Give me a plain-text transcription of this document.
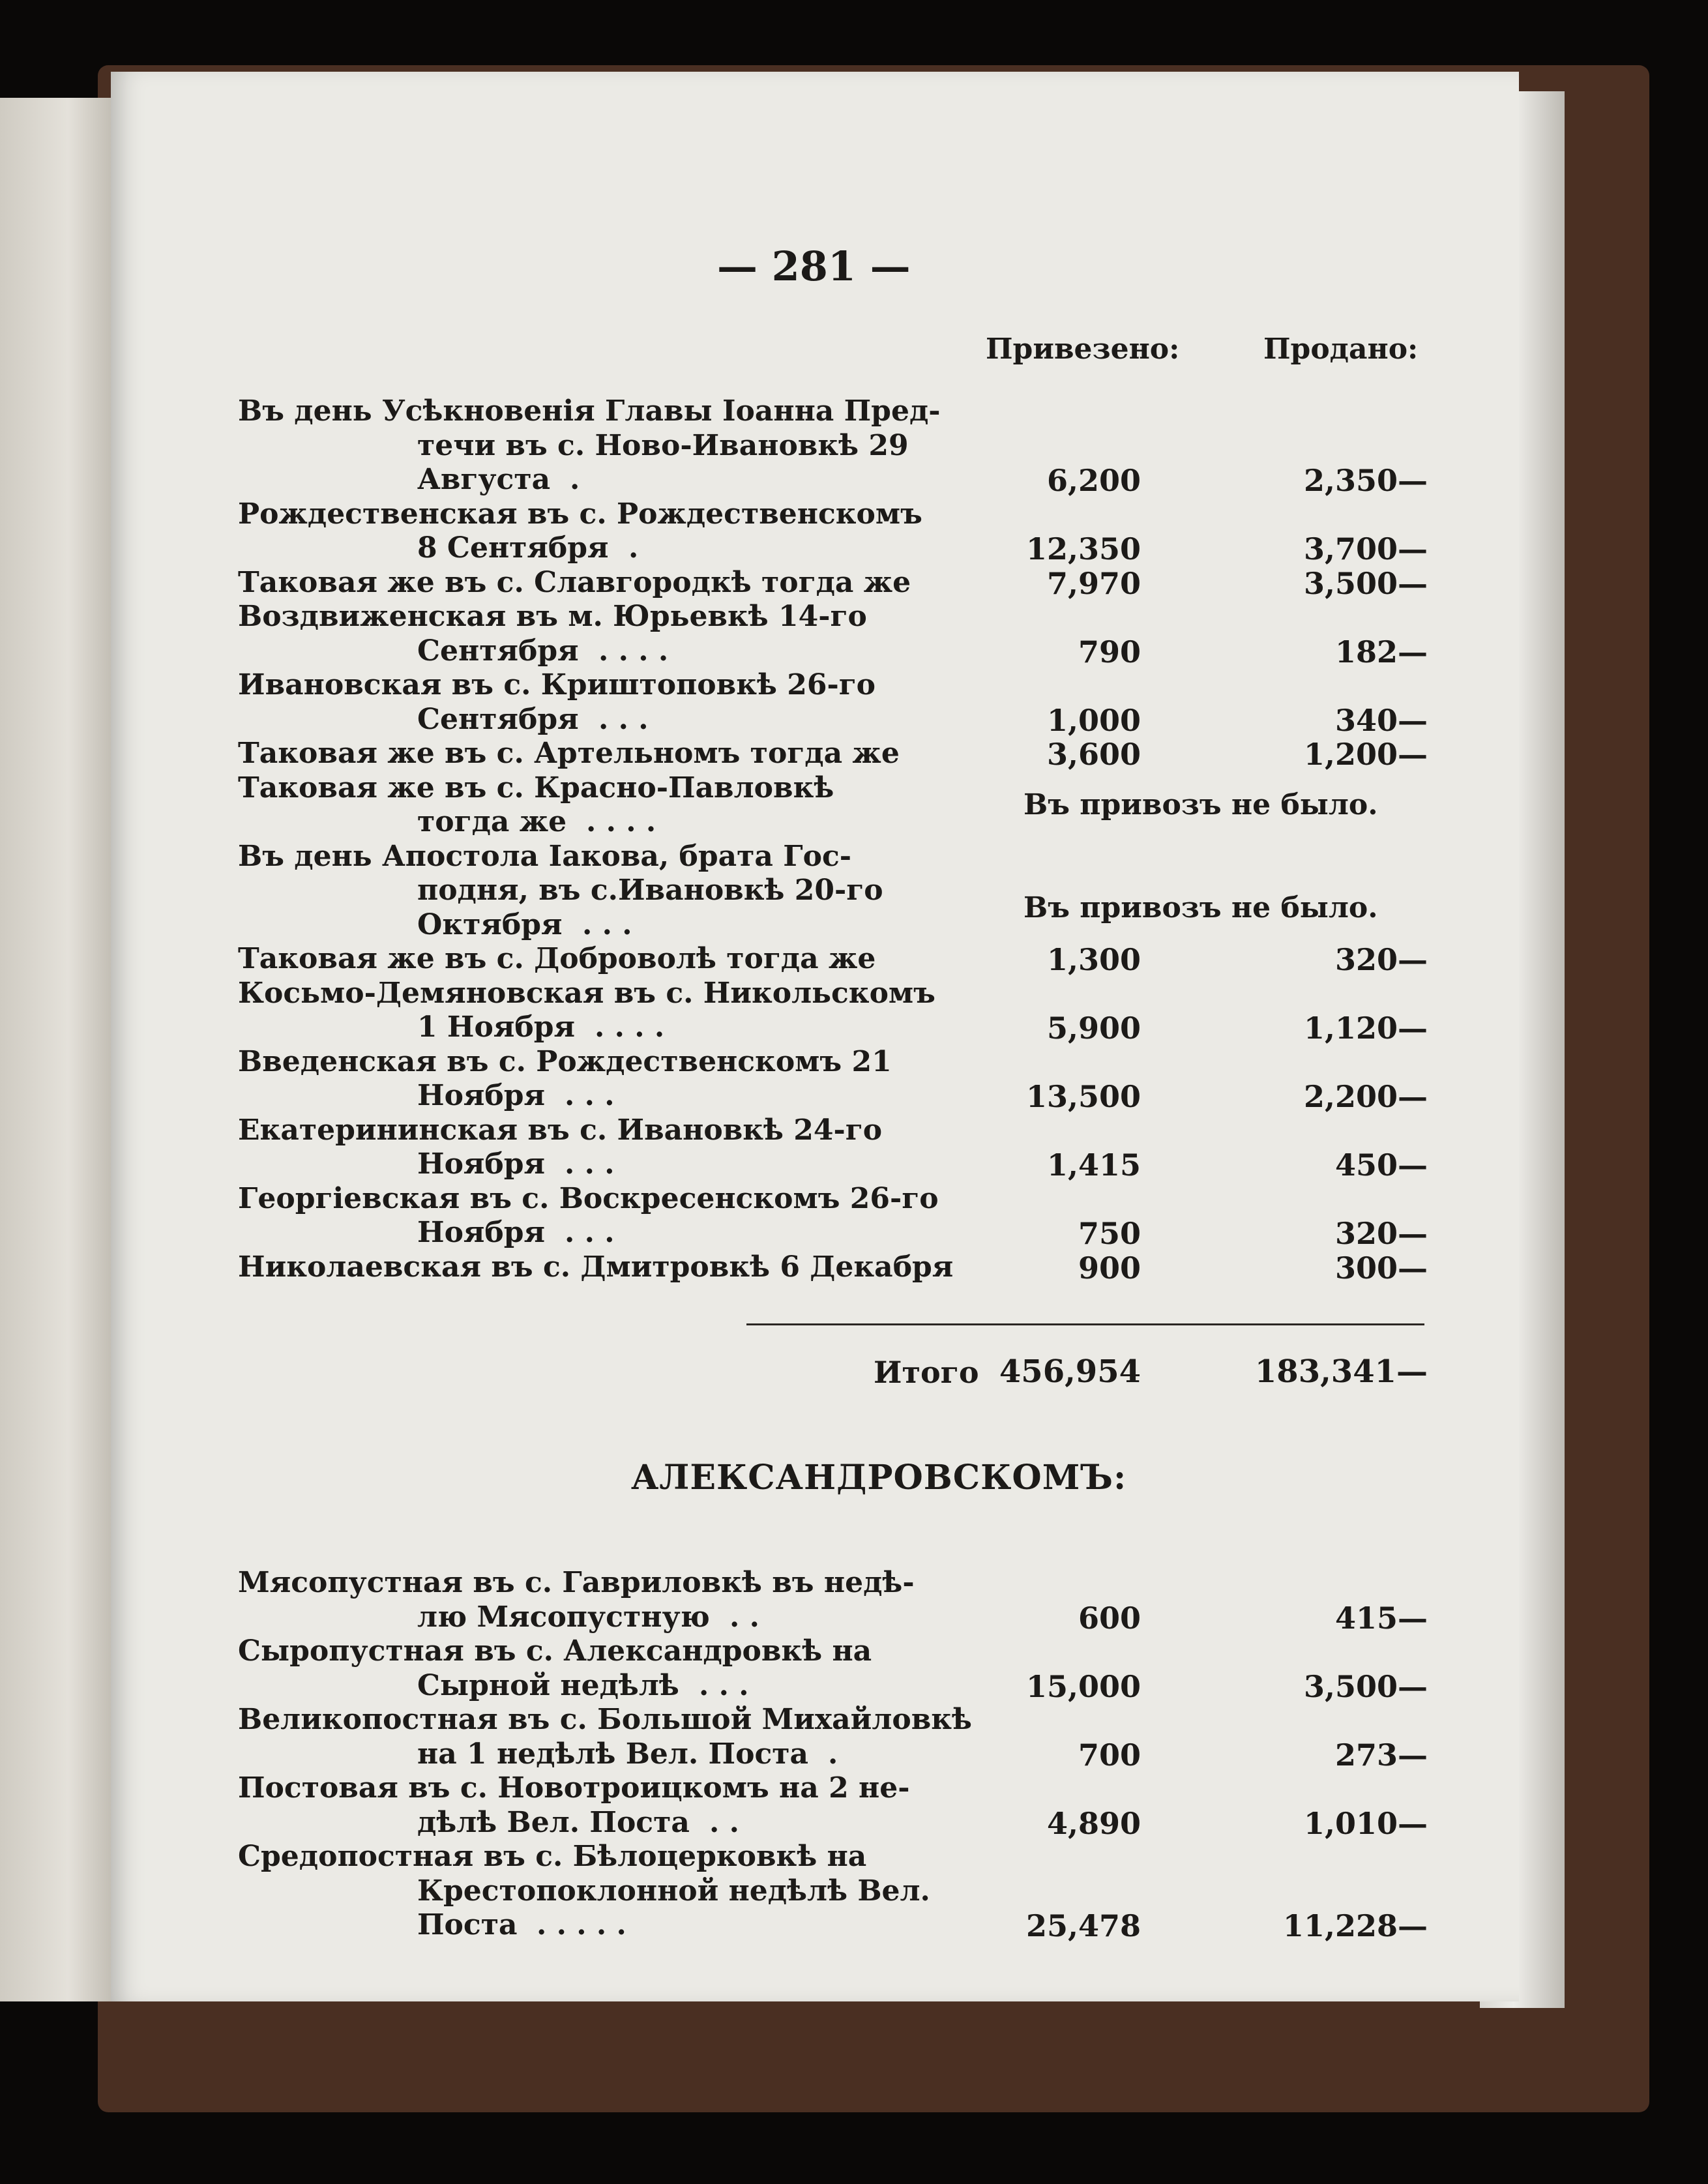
— 281 —
Привезено:	Продано:
Въ день Усѣкновенія Главы Іоанна Пред-
течи въ с. Ново-Ивановкѣ 29
Августа .	6,200	2,350—
Рождественская въ с. Рождественскомъ
8 Сентября .	12,350	3,700—
Таковая же въ с. Славгородкѣ тогда же	7,970	3,500—
Воздвиженская въ м. Юрьевкѣ 14-го
Сентября . . . .	790	182—
Ивановская въ с. Криштоповкѣ 26-го
Сентября . . .	1,000	340—
Таковая же въ с. Артельномъ тогда же	3,600	1,200—
Таковая же въ с. Красно-Павловкѣ
тогда же . . . .
Въ привозъ не было.
Въ день Апостола Іакова, брата Гос-
подня, въ с.Ивановкѣ 20-го
Октября . . .
Въ привозъ не было.
Таковая же въ с. Доброволѣ тогда же	1,300	320—
Косьмо-Демяновская въ с. Никольскомъ
1 Ноября . . . .	5,900	1,120—
Введенская въ с. Рождественскомъ 21
Ноября . . .	13,500	2,200—
Екатерининская въ с. Ивановкѣ 24-го
Ноября . . .	1,415	450—
Георгіевская въ с. Воскресенскомъ 26-го
Ноября . . .	750	320—
Николаевская въ с. Дмитровкѣ 6 Декабря	900	300—
Итого 456,954	183,341—
АЛЕКСАНДРОВСКОМЪ:
Мясопустная въ с. Гавриловкѣ въ недѣ-
лю Мясопустную . .	600	415—
Сыропустная въ с. Александровкѣ на
Сырной недѣлѣ . . .	15,000	3,500—
Великопостная въ с. Большой Михайловкѣ
на 1 недѣлѣ Вел. Поста .	700	273—
Постовая въ с. Новотроицкомъ на 2 не-
дѣлѣ Вел. Поста . .	4,890	1,010—
Средопостная въ с. Бѣлоцерковкѣ на
Крестопоклонной недѣлѣ Вел.
Поста . . . . .	25,478	11,228—
